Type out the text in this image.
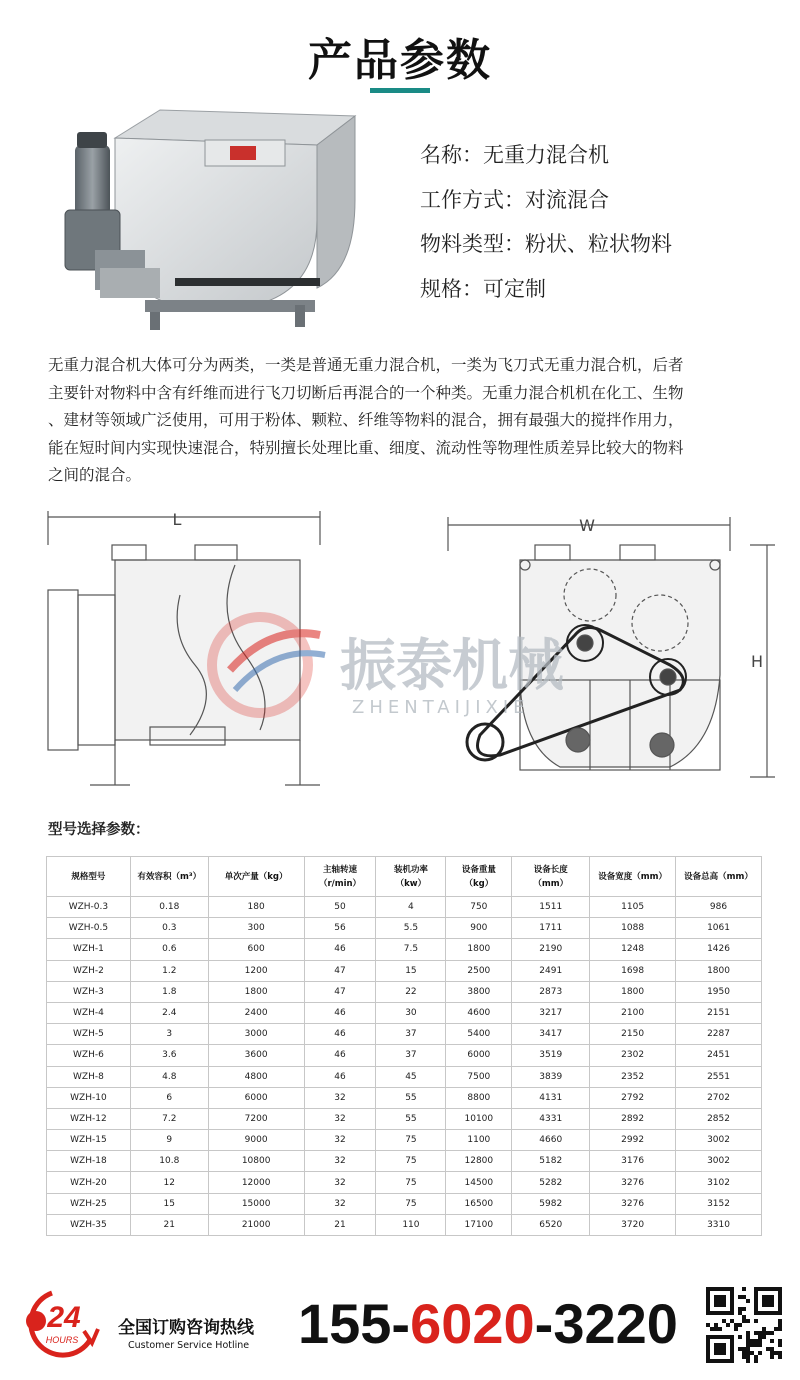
产品参数
名称：无重力混合机
工作方式：对流混合
物料类型：粉状、粒状物料
规格：可定制
无重力混合机大体可分为两类，一类是普通无重力混合机，一类为飞刀式无重力混合机，后者
主要针对物料中含有纤维而进行飞刀切断后再混合的一个种类。无重力混合机机在化工、生物
、建材等领域广泛使用，可用于粉体、颗粒、纤维等物料的混合，拥有最强大的搅拌作用力，
能在短时间内实现快速混合，特别擅长处理比重、细度、流动性等物理性质差异比较大的物料
之间的混合。
L	W
H
振泰机械
ZHENTAIJIXIE
型号选择参数：
规格型号	有效容积（m³）	单次产量（kg）	主轴转速
（r/min）	装机功率
（kw）	设备重量
（kg）	设备长度
（mm）	设备宽度（mm）	设备总高（mm）
WZH-0.3	0.18	180	50	4	750	1511	1105	986
WZH-0.5	0.3	300	56	5.5	900	1711	1088	1061
WZH-1	0.6	600	46	7.5	1800	2190	1248	1426
WZH-2	1.2	1200	47	15	2500	2491	1698	1800
WZH-3	1.8	1800	47	22	3800	2873	1800	1950
WZH-4	2.4	2400	46	30	4600	3217	2100	2151
WZH-5	3	3000	46	37	5400	3417	2150	2287
WZH-6	3.6	3600	46	37	6000	3519	2302	2451
WZH-8	4.8	4800	46	45	7500	3839	2352	2551
WZH-10	6	6000	32	55	8800	4131	2792	2702
WZH-12	7.2	7200	32	55	10100	4331	2892	2852
WZH-15	9	9000	32	75	1100	4660	2992	3002
WZH-18	10.8	10800	32	75	12800	5182	3176	3002
WZH-20	12	12000	32	75	14500	5282	3276	3102
WZH-25	15	15000	32	75	16500	5982	3276	3152
WZH-35	21	21000	21	110	17100	6520	3720	3310
24
HOURS
全国订购咨询热线
Customer Service Hotline 155-6020-3220
